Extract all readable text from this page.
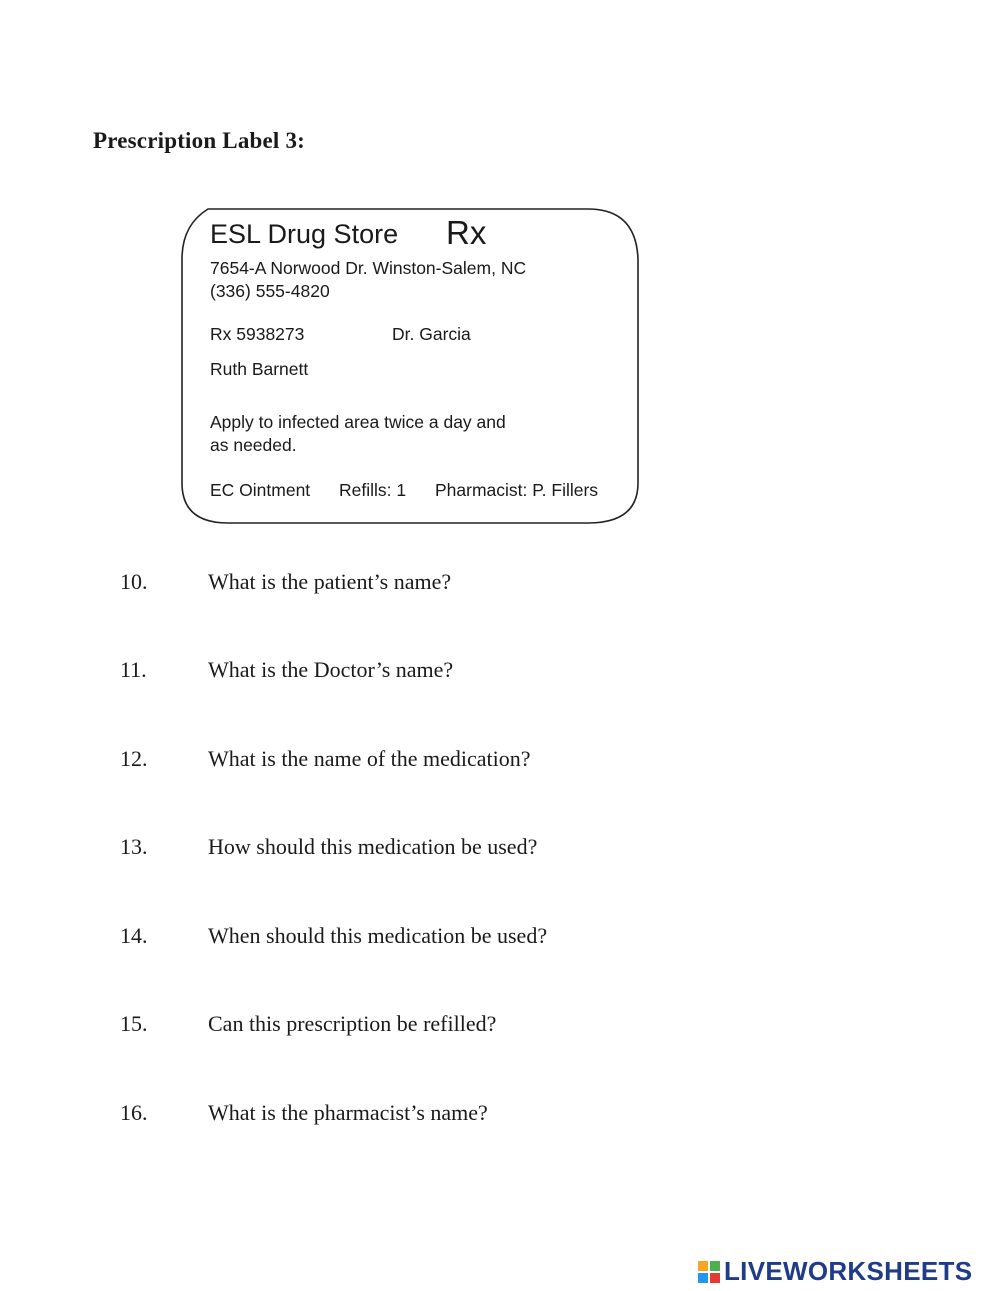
Prescription Label 3:
ESL Drug Store Rx
7654-A Norwood Dr. Winston-Salem, NC
(336) 555-4820
Rx 5938273	Dr. Garcia
Ruth Barnett
Apply to infected area twice a day and
as needed.
EC Ointment Refills: 1 Pharmacist: P. Fillers
10.	What is the patient’s name?
11.	What is the Doctor’s name?
12.	What is the name of the medication?
13.	How should this medication be used?
14.	When should this medication be used?
15.	Can this prescription be refilled?
16.	What is the pharmacist’s name?
LIVEWORKSHEETS
